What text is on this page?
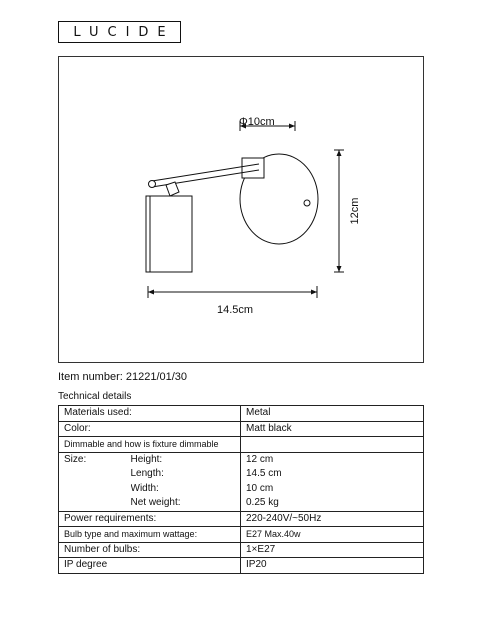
LUCIDE
Φ10cm
12cm
14.5cm
Item number: 21221/01/30
Technical details
Materials used:		Metal
Color:		Matt black
Dimmable and how is fixture dimmable		
Size:	Height:	12 cm
	Length:	14.5 cm
	Width:	10 cm
	Net weight:	0.25 kg
Power requirements:		220-240V/~50Hz
Bulb type and maximum wattage:		E27 Max.40w
Number of bulbs:		1×E27
IP degree		IP20
